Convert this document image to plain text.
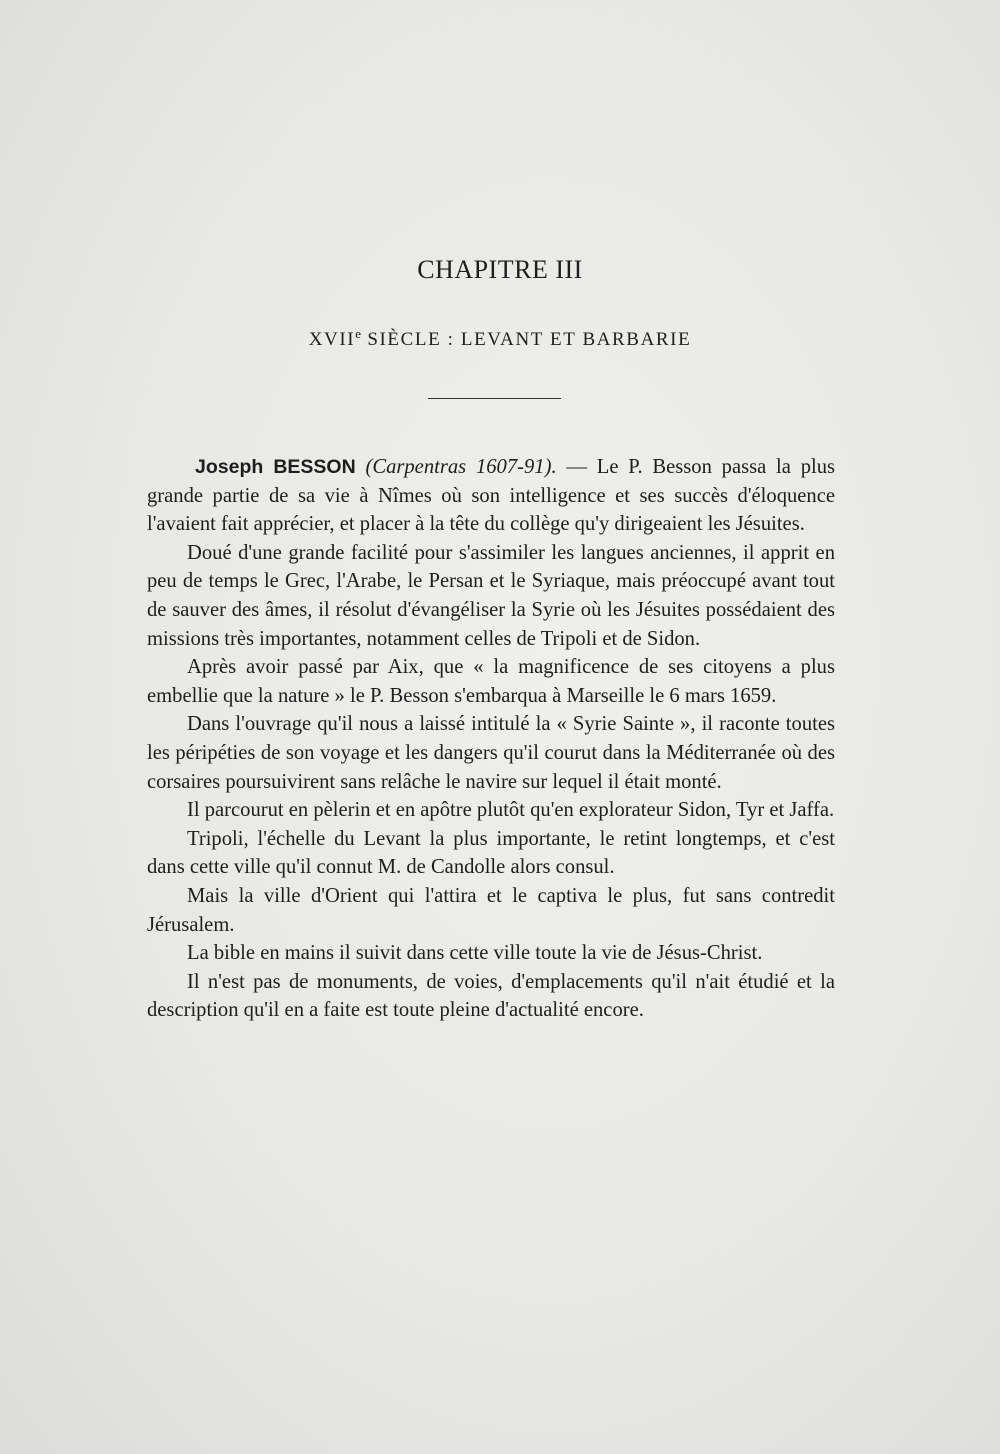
CHAPITRE III
XVIIe SIÈCLE : LEVANT ET BARBARIE

Joseph BESSON (Carpentras 1607-91). — Le P. Besson passa la plus grande partie de sa vie à Nîmes où son intelligence et ses succès d'éloquence l'avaient fait apprécier, et placer à la tête du collège qu'y dirigeaient les Jésuites.

Doué d'une grande facilité pour s'assimiler les langues anciennes, il apprit en peu de temps le Grec, l'Arabe, le Persan et le Syriaque, mais préoccupé avant tout de sauver des âmes, il résolut d'évangéliser la Syrie où les Jésuites possédaient des missions très importantes, notamment celles de Tripoli et de Sidon.

Après avoir passé par Aix, que « la magnificence de ses citoyens a plus embellie que la nature » le P. Besson s'embarqua à Marseille le 6 mars 1659.

Dans l'ouvrage qu'il nous a laissé intitulé la « Syrie Sainte », il raconte toutes les péripéties de son voyage et les dangers qu'il courut dans la Méditerranée où des corsaires poursuivirent sans relâche le navire sur lequel il était monté.

Il parcourut en pèlerin et en apôtre plutôt qu'en explorateur Sidon, Tyr et Jaffa.

Tripoli, l'échelle du Levant la plus importante, le retint longtemps, et c'est dans cette ville qu'il connut M. de Candolle alors consul.

Mais la ville d'Orient qui l'attira et le captiva le plus, fut sans contredit Jérusalem.

La bible en mains il suivit dans cette ville toute la vie de Jésus-Christ.

Il n'est pas de monuments, de voies, d'emplacements qu'il n'ait étudié et la description qu'il en a faite est toute pleine d'actualité encore.
